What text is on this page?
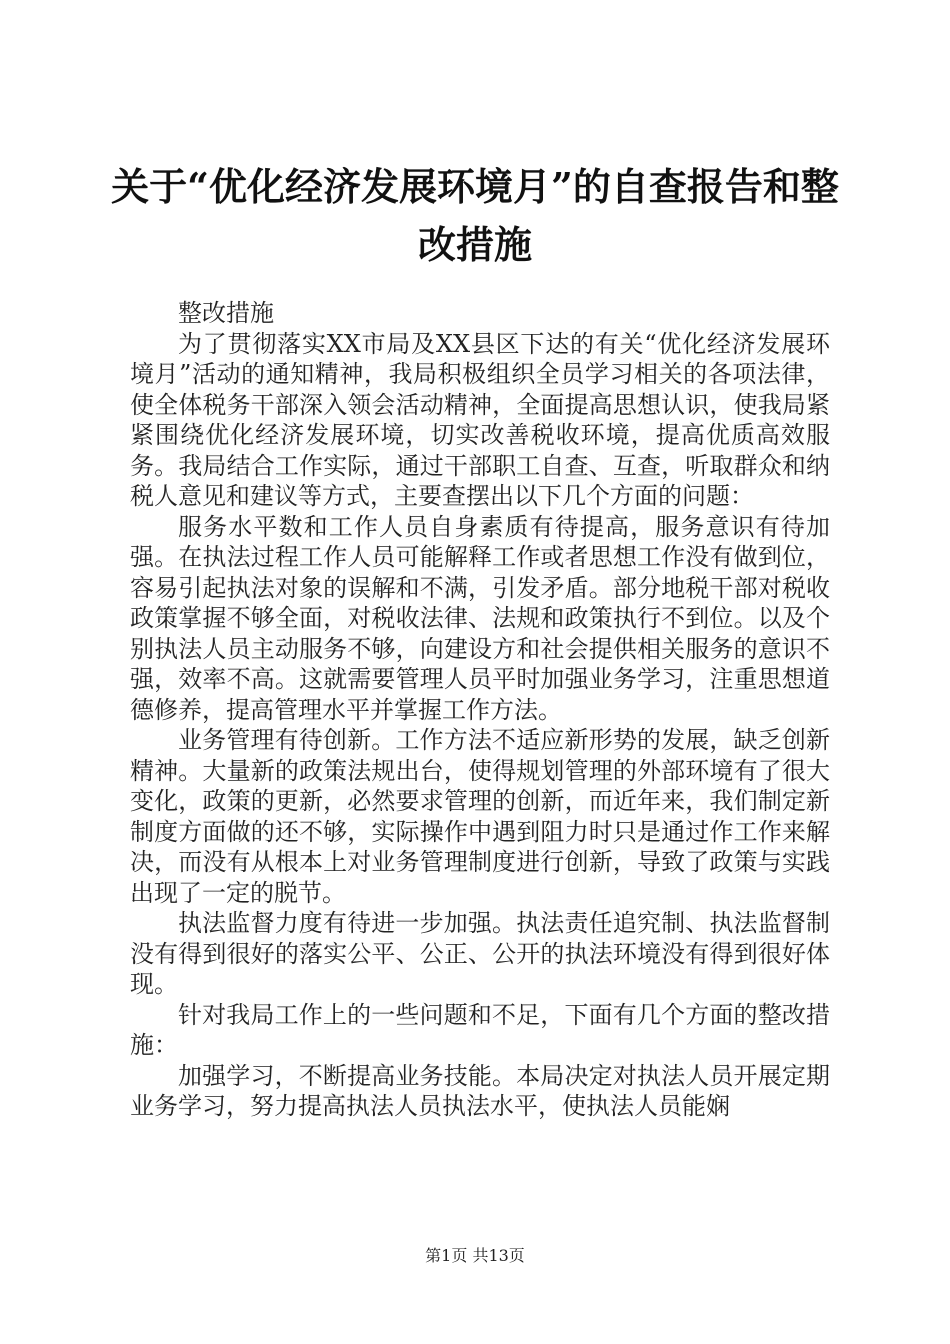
关于“优化经济发展环境月”的自查报告和整改措施

整改措施

为了贯彻落实XX市局及XX县区下达的有关“优化经济发展环境月”活动的通知精神，我局积极组织全员学习相关的各项法律，使全体税务干部深入领会活动精神，全面提高思想认识，使我局紧紧围绕优化经济发展环境，切实改善税收环境，提高优质高效服务。我局结合工作实际，通过干部职工自查、互查，听取群众和纳税人意见和建议等方式，主要查摆出以下几个方面的问题：

服务水平数和工作人员自身素质有待提高，服务意识有待加强。在执法过程工作人员可能解释工作或者思想工作没有做到位，容易引起执法对象的误解和不满，引发矛盾。部分地税干部对税收政策掌握不够全面，对税收法律、法规和政策执行不到位。以及个别执法人员主动服务不够，向建设方和社会提供相关服务的意识不强，效率不高。这就需要管理人员平时加强业务学习，注重思想道德修养，提高管理水平并掌握工作方法。

业务管理有待创新。工作方法不适应新形势的发展，缺乏创新精神。大量新的政策法规出台，使得规划管理的外部环境有了很大变化，政策的更新，必然要求管理的创新，而近年来，我们制定新制度方面做的还不够，实际操作中遇到阻力时只是通过作工作来解决，而没有从根本上对业务管理制度进行创新，导致了政策与实践出现了一定的脱节。

执法监督力度有待进一步加强。执法责任追究制、执法监督制没有得到很好的落实公平、公正、公开的执法环境没有得到很好体现。

针对我局工作上的一些问题和不足，下面有几个方面的整改措施：

加强学习，不断提高业务技能。本局决定对执法人员开展定期业务学习，努力提高执法人员执法水平，使执法人员能娴

第1页 共13页
